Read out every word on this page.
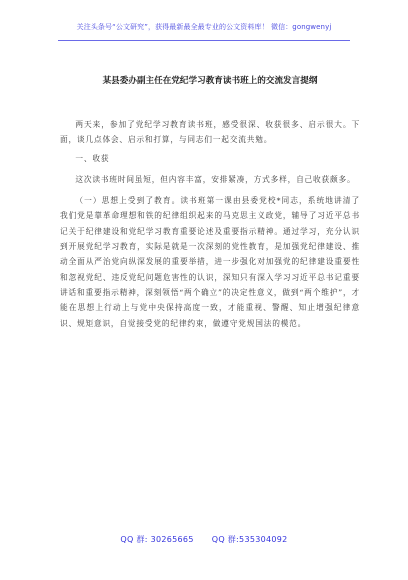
关注头条号“公文研究”，获得最新最全最专业的公文资料库！ 微信：gongwenyj
某县委办副主任在党纪学习教育读书班上的交流发言提纲

两天来，参加了党纪学习教育读书班，感受很深、收获很多、启示很大。下面，谈几点体会、启示和打算，与同志们一起交流共勉。

一、收获

这次读书班时间虽短，但内容丰富，安排紧凑，方式多样，自己收获颇多。

（一）思想上受到了教育。读书班第一课由县委党校*同志，系统地讲清了我们党是靠革命理想和铁的纪律组织起来的马克思主义政党，辅导了习近平总书记关于纪律建设和党纪学习教育重要论述及重要指示精神。通过学习，充分认识到开展党纪学习教育，实际是就是一次深刻的党性教育，是加强党纪律建设、推动全面从严治党向纵深发展的重要举措，进一步强化对加强党的纪律建设重要性和忽视党纪、违反党纪问题危害性的认识，深知只有深入学习习近平总书记重要讲话和重要指示精神，深刻领悟“两个确立”的决定性意义，做到“两个维护”，才能在思想上行动上与党中央保持高度一致，才能重视、警醒、知止增强纪律意识、规矩意识，自觉接受党的纪律约束，做遵守党规国法的模范。

QQ 群: 30265665 QQ 群:535304092
